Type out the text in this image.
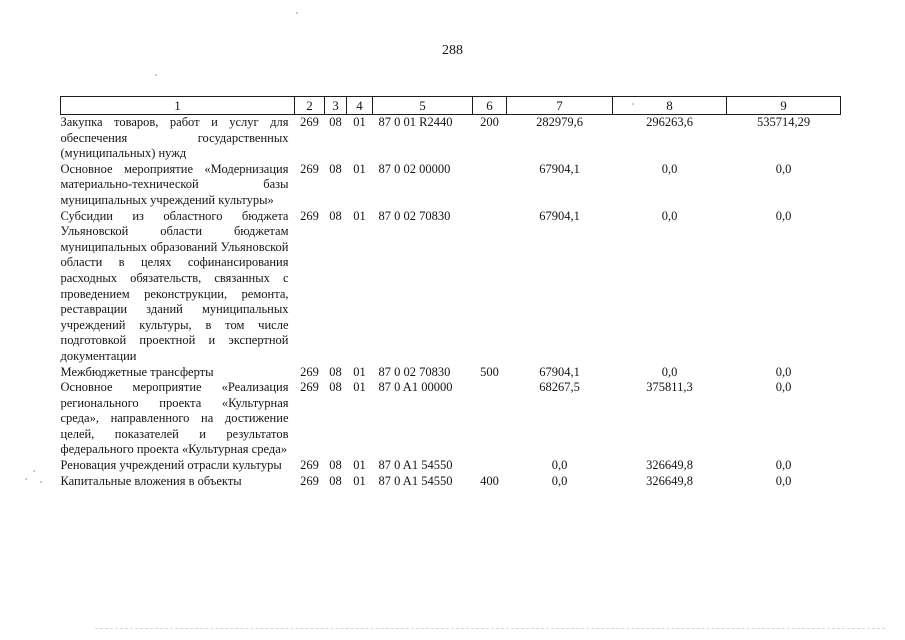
288
1	2	3	4	5	6	7	8	9
Закупка товаров, работ и услуг для обеспечения государственных (муниципальных) нужд	269	08	01	87 0 01 R2440	200	282979,6	296263,6	535714,29
Основное мероприятие «Модернизация материально-технической базы муниципальных учреждений культуры»	269	08	01	87 0 02 00000		67904,1	0,0	0,0
Субсидии из областного бюджета Ульяновской области бюджетам муниципальных образований Ульяновской области в целях софинансирования расходных обязательств, связанных с проведением реконструкции, ремонта, реставрации зданий муниципальных учреждений культуры, в том числе подготовкой проектной и экспертной документации	269	08	01	87 0 02 70830		67904,1	0,0	0,0
Межбюджетные трансферты	269	08	01	87 0 02 70830	500	67904,1	0,0	0,0
Основное мероприятие «Реализация регионального проекта «Культурная среда», направленного на достижение целей, показателей и результатов федерального проекта «Культурная среда»	269	08	01	87 0 A1 00000		68267,5	375811,3	0,0
Реновация учреждений отрасли культуры	269	08	01	87 0 A1 54550		0,0	326649,8	0,0
Капитальные вложения в объекты	269	08	01	87 0 A1 54550	400	0,0	326649,8	0,0
